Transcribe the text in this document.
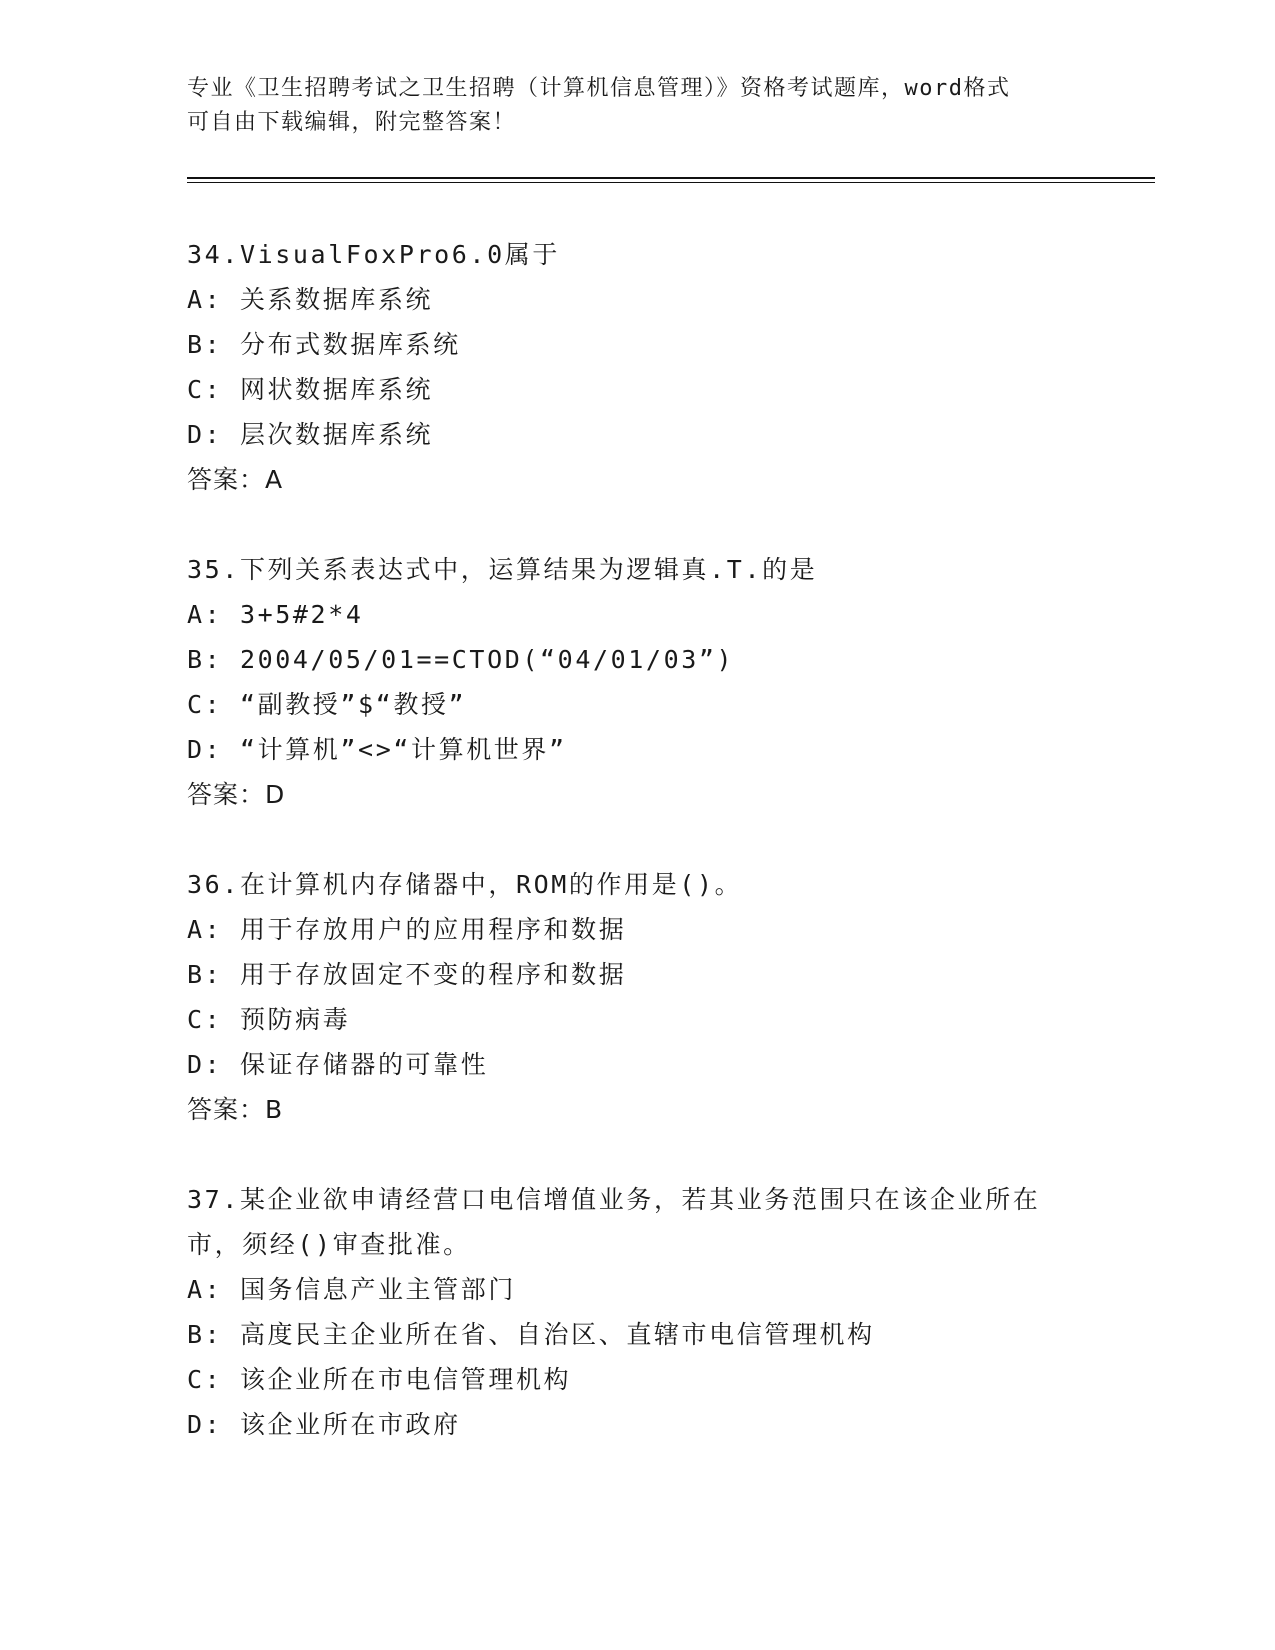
专业《卫生招聘考试之卫生招聘（计算机信息管理）》资格考试题库，word格式
可自由下载编辑，附完整答案！
34.VisualFoxPro6.0属于
A: 关系数据库系统
B: 分布式数据库系统
C: 网状数据库系统
D: 层次数据库系统
答案：A
35.下列关系表达式中，运算结果为逻辑真.T.的是
A: 3+5#2*4
B: 2004/05/01==CTOD(“04/01/03”)
C: “副教授”$“教授”
D: “计算机”<>“计算机世界”
答案：D
36.在计算机内存储器中，ROM的作用是()。
A: 用于存放用户的应用程序和数据
B: 用于存放固定不变的程序和数据
C: 预防病毒
D: 保证存储器的可靠性
答案：B
37.某企业欲申请经营口电信增值业务，若其业务范围只在该企业所在
市，须经()审查批准。
A: 国务信息产业主管部门
B: 高度民主企业所在省、自治区、直辖市电信管理机构
C: 该企业所在市电信管理机构
D: 该企业所在市政府
